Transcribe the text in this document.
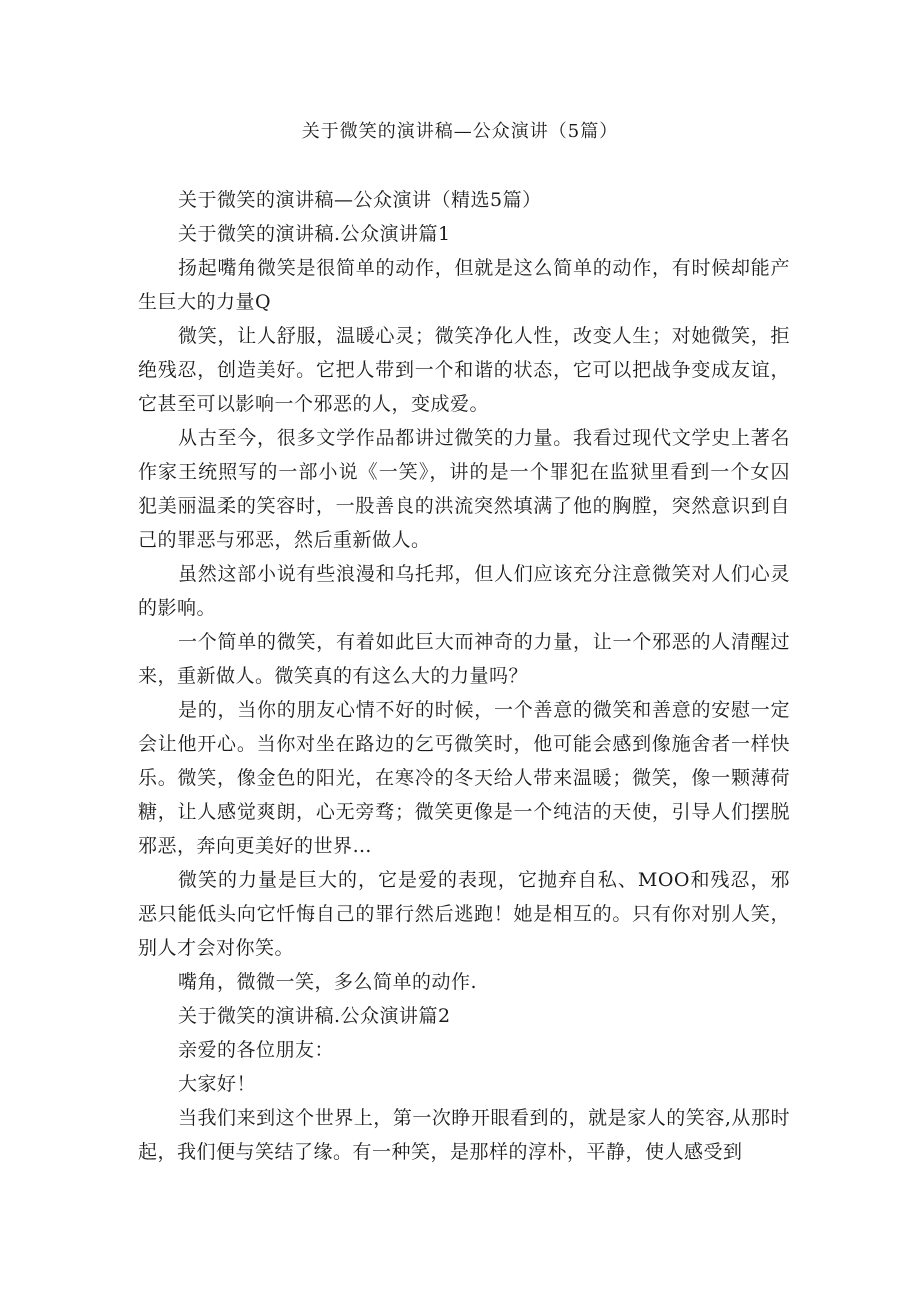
关于微笑的演讲稿—公众演讲（5篇）

关于微笑的演讲稿—公众演讲（精选5篇）

关于微笑的演讲稿.公众演讲篇1

扬起嘴角微笑是很简单的动作，但就是这么简单的动作，有时候却能产生巨大的力量Q

微笑，让人舒服，温暖心灵；微笑净化人性，改变人生；对她微笑，拒绝残忍，创造美好。它把人带到一个和谐的状态，它可以把战争变成友谊，它甚至可以影响一个邪恶的人，变成爱。

从古至今，很多文学作品都讲过微笑的力量。我看过现代文学史上著名作家王统照写的一部小说《一笑》，讲的是一个罪犯在监狱里看到一个女囚犯美丽温柔的笑容时，一股善良的洪流突然填满了他的胸膛，突然意识到自己的罪恶与邪恶，然后重新做人。

虽然这部小说有些浪漫和乌托邦，但人们应该充分注意微笑对人们心灵的影响。

一个简单的微笑，有着如此巨大而神奇的力量，让一个邪恶的人清醒过来，重新做人。微笑真的有这么大的力量吗？

是的，当你的朋友心情不好的时候，一个善意的微笑和善意的安慰一定会让他开心。当你对坐在路边的乞丐微笑时，他可能会感到像施舍者一样快乐。微笑，像金色的阳光，在寒冷的冬天给人带来温暖；微笑，像一颗薄荷糖，让人感觉爽朗，心无旁骛；微笑更像是一个纯洁的天使，引导人们摆脱邪恶，奔向更美好的世界…

微笑的力量是巨大的，它是爱的表现，它抛弃自私、MOO和残忍，邪恶只能低头向它忏悔自己的罪行然后逃跑！她是相互的。只有你对别人笑，别人才会对你笑。

嘴角，微微一笑，多么简单的动作.

关于微笑的演讲稿.公众演讲篇2

亲爱的各位朋友：

大家好！

当我们来到这个世界上，第一次睁开眼看到的，就是家人的笑容,从那时起，我们便与笑结了缘。有一种笑，是那样的淳朴，平静，使人感受到
